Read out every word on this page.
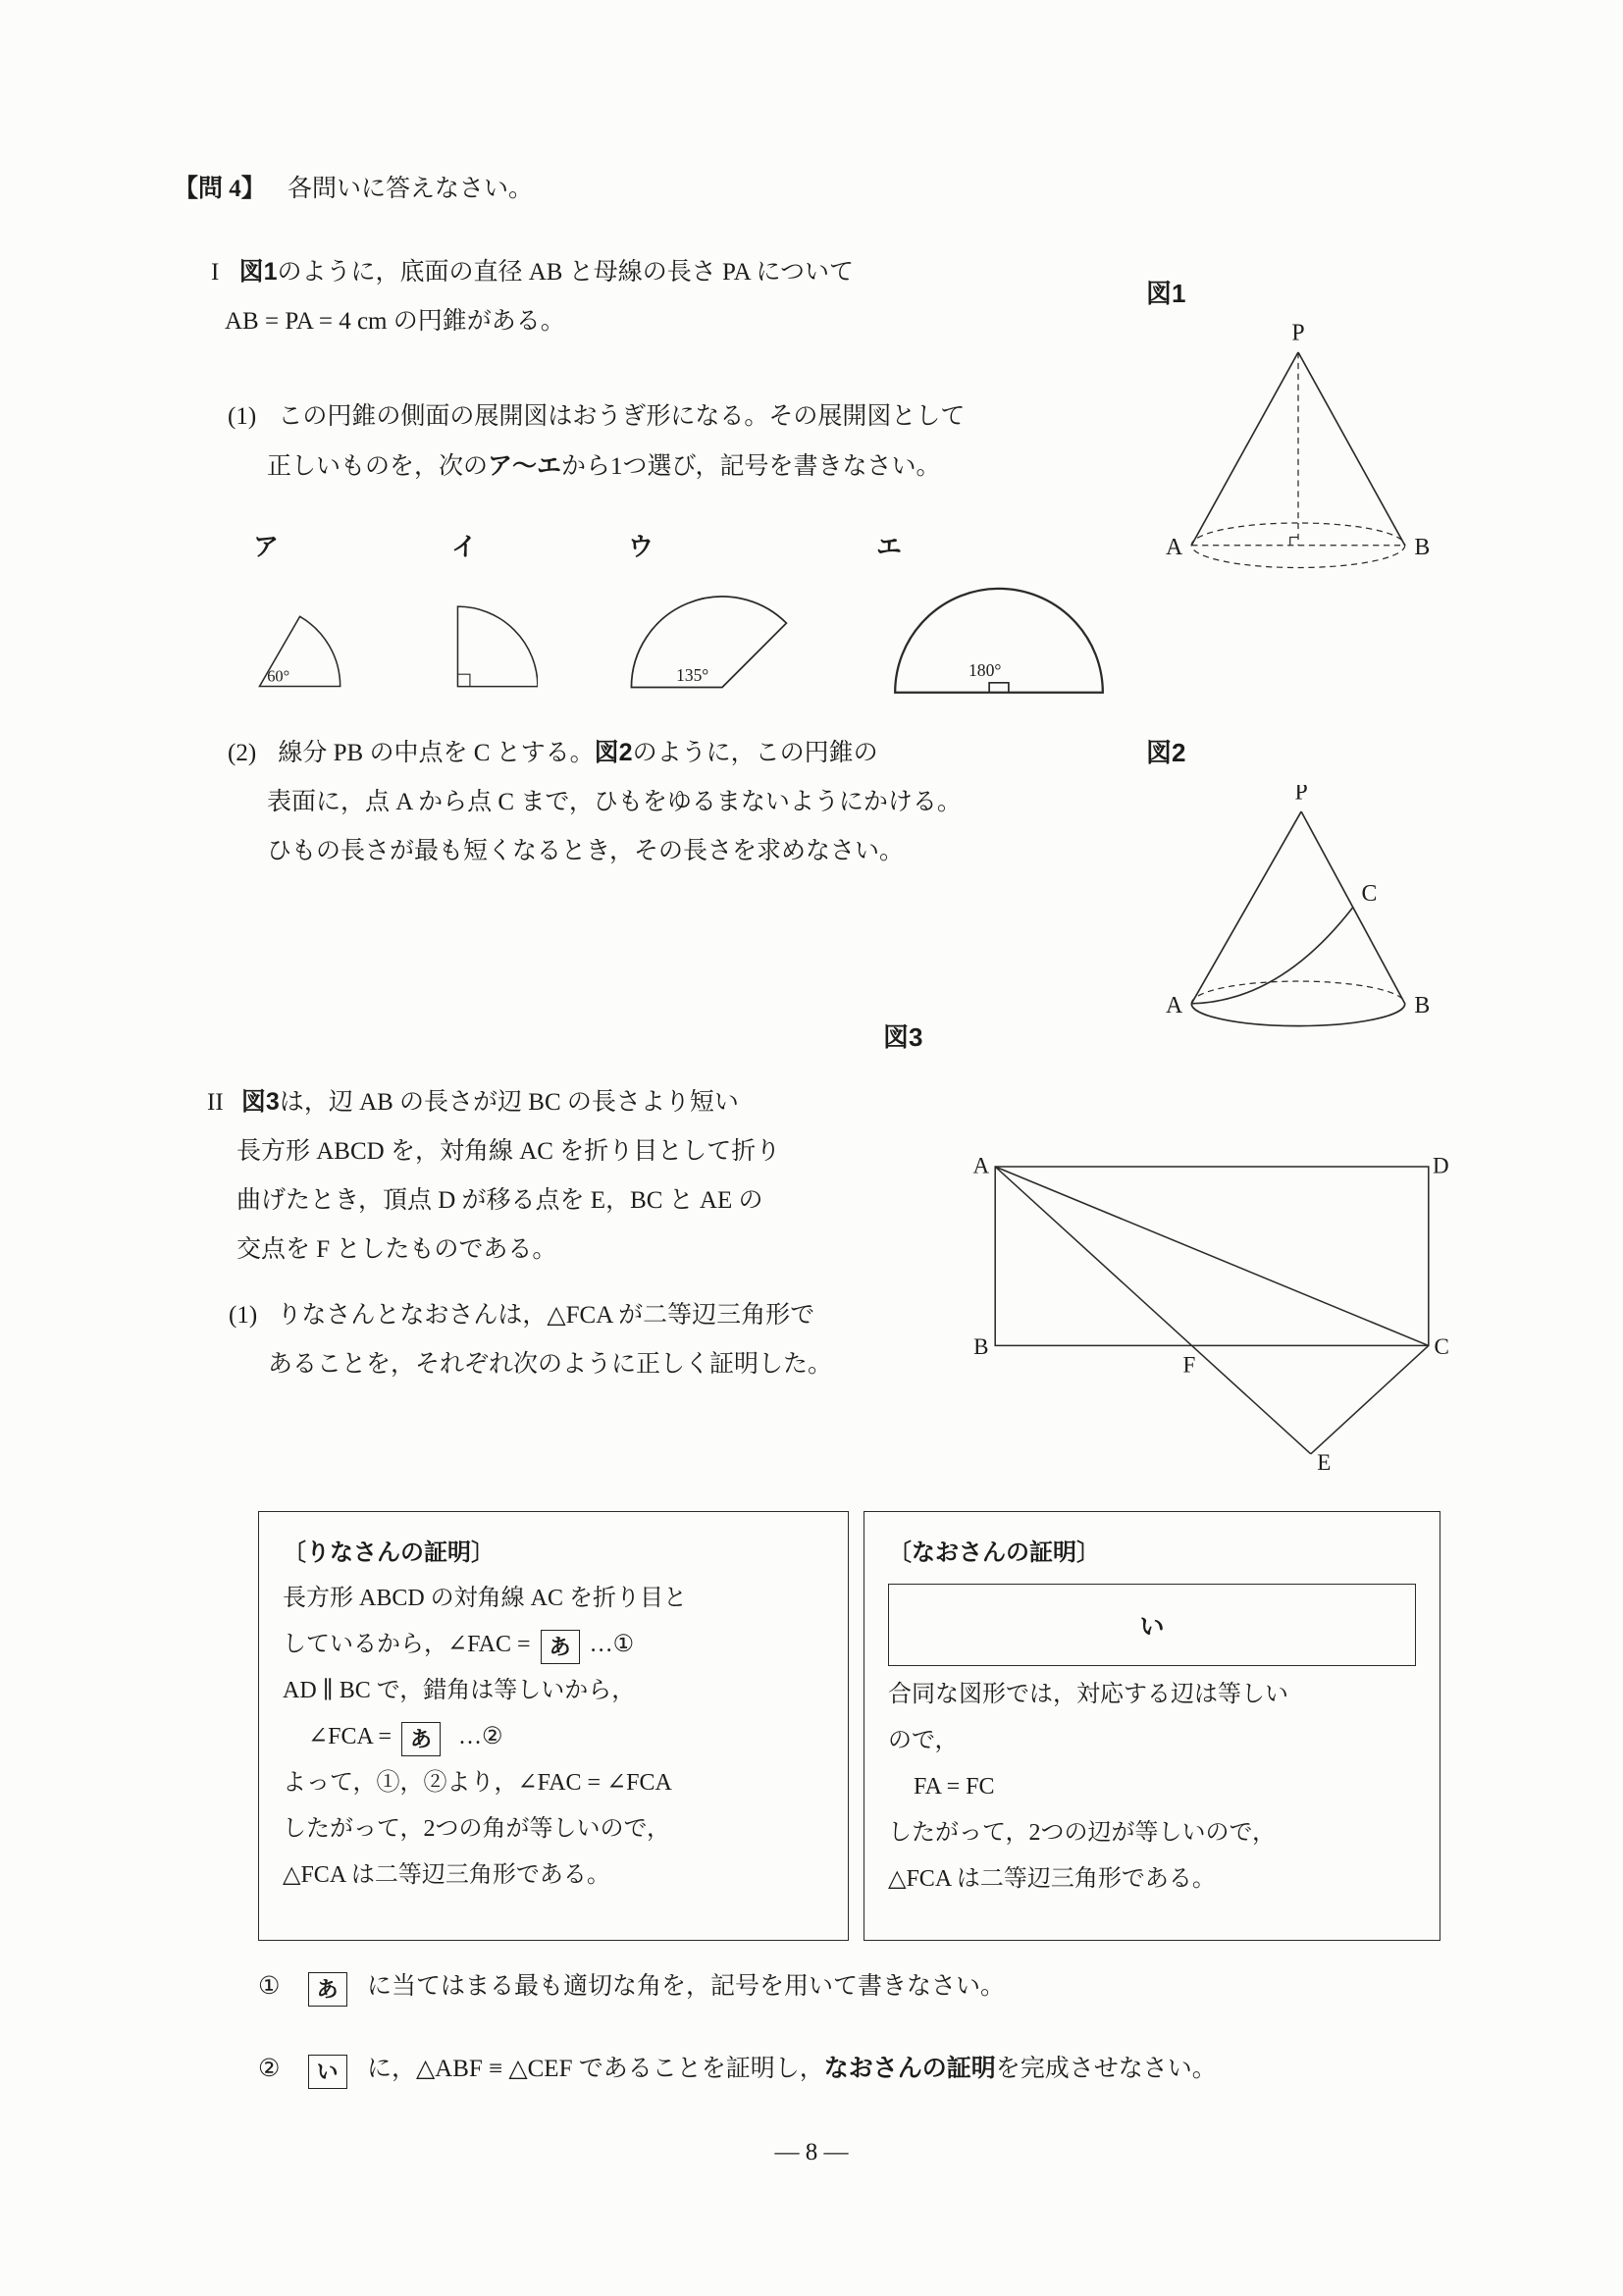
【問 4】 各問いに答えなさい。
I 図1のように，底面の直径 AB と母線の長さ PA について
AB = PA = 4 cm の円錐がある。
図1
P
A	B
(1) この円錐の側面の展開図はおうぎ形になる。その展開図として
正しいものを，次のア～エから1つ選び，記号を書きなさい。
ア	イ	ウ	エ
60°	135°	180°
(2) 線分 PB の中点を C とする。図2のように，この円錐の
表面に，点 A から点 C まで，ひもをゆるまないようにかける。
ひもの長さが最も短くなるとき，その長さを求めなさい。
図2
P
A	B
C
II 図3は，辺 AB の長さが辺 BC の長さより短い
長方形 ABCD を，対角線 AC を折り目として折り
曲げたとき，頂点 D が移る点を E，BC と AE の
交点を F としたものである。
図3
A	D
B	C
F
E
(1) りなさんとなおさんは，△FCA が二等辺三角形で
あることを，それぞれ次のように正しく証明した。
〔りなさんの証明〕
長方形 ABCD の対角線 AC を折り目と
しているから，∠FAC = あ …①
AD ∥ BC で，錯角は等しいから，
∠FCA = あ …②
よって，①，②より，∠FAC = ∠FCA
したがって，2つの角が等しいので，
△FCA は二等辺三角形である。
〔なおさんの証明〕
い
合同な図形では，対応する辺は等しい
ので，
FA = FC
したがって，2つの辺が等しいので，
△FCA は二等辺三角形である。
① あ に当てはまる最も適切な角を，記号を用いて書きなさい。
② い に，△ABF ≡ △CEF であることを証明し，なおさんの証明を完成させなさい。
— 8 —
